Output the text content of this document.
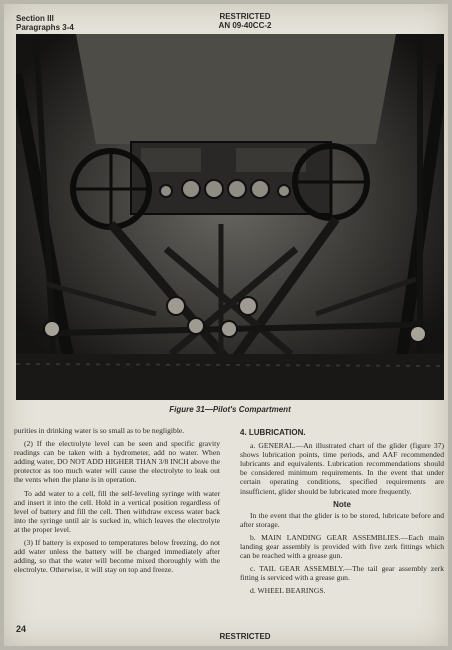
Section III
Paragraphs 3-4
RESTRICTED
AN 09-40CC-2
Figure 31—Pilot's Compartment

purities in drinking water is so small as to be negligible.

(2) If the electrolyte level can be seen and specific gravity readings can be taken with a hydrometer, add no water. When adding water, DO NOT ADD HIGHER THAN 3/8 INCH above the protector as too much water will cause the electrolyte to leak out the vents when the plane is in operation.

To add water to a cell, fill the self-leveling syringe with water and insert it into the cell. Hold in a vertical position regardless of level of battery and fill the cell. Then withdraw excess water back into the syringe until air is sucked in, which leaves the electrolyte at the proper level.

(3) If battery is exposed to temperatures below freezing, do not add water unless the battery will be charged immediately after adding, so that the water will become mixed thoroughly with the electrolyte. Otherwise, it will stay on top and freeze.

4. LUBRICATION.

a. GENERAL.—An illustrated chart of the glider (figure 37) shows lubrication points, time periods, and AAF recommended lubricants and equivalents. Lubrication recommendations should be considered minimum requirements. In the event that under certain operating conditions, specified requirements are insufficient, glider should be lubricated more frequently.

Note

In the event that the glider is to be stored, lubricate before and after storage.

b. MAIN LANDING GEAR ASSEMBLIES.—Each main landing gear assembly is provided with five zerk fittings which can be reached with a grease gun.

c. TAIL GEAR ASSEMBLY.—The tail gear assembly zerk fitting is serviced with a grease gun.

d. WHEEL BEARINGS.

24
RESTRICTED
